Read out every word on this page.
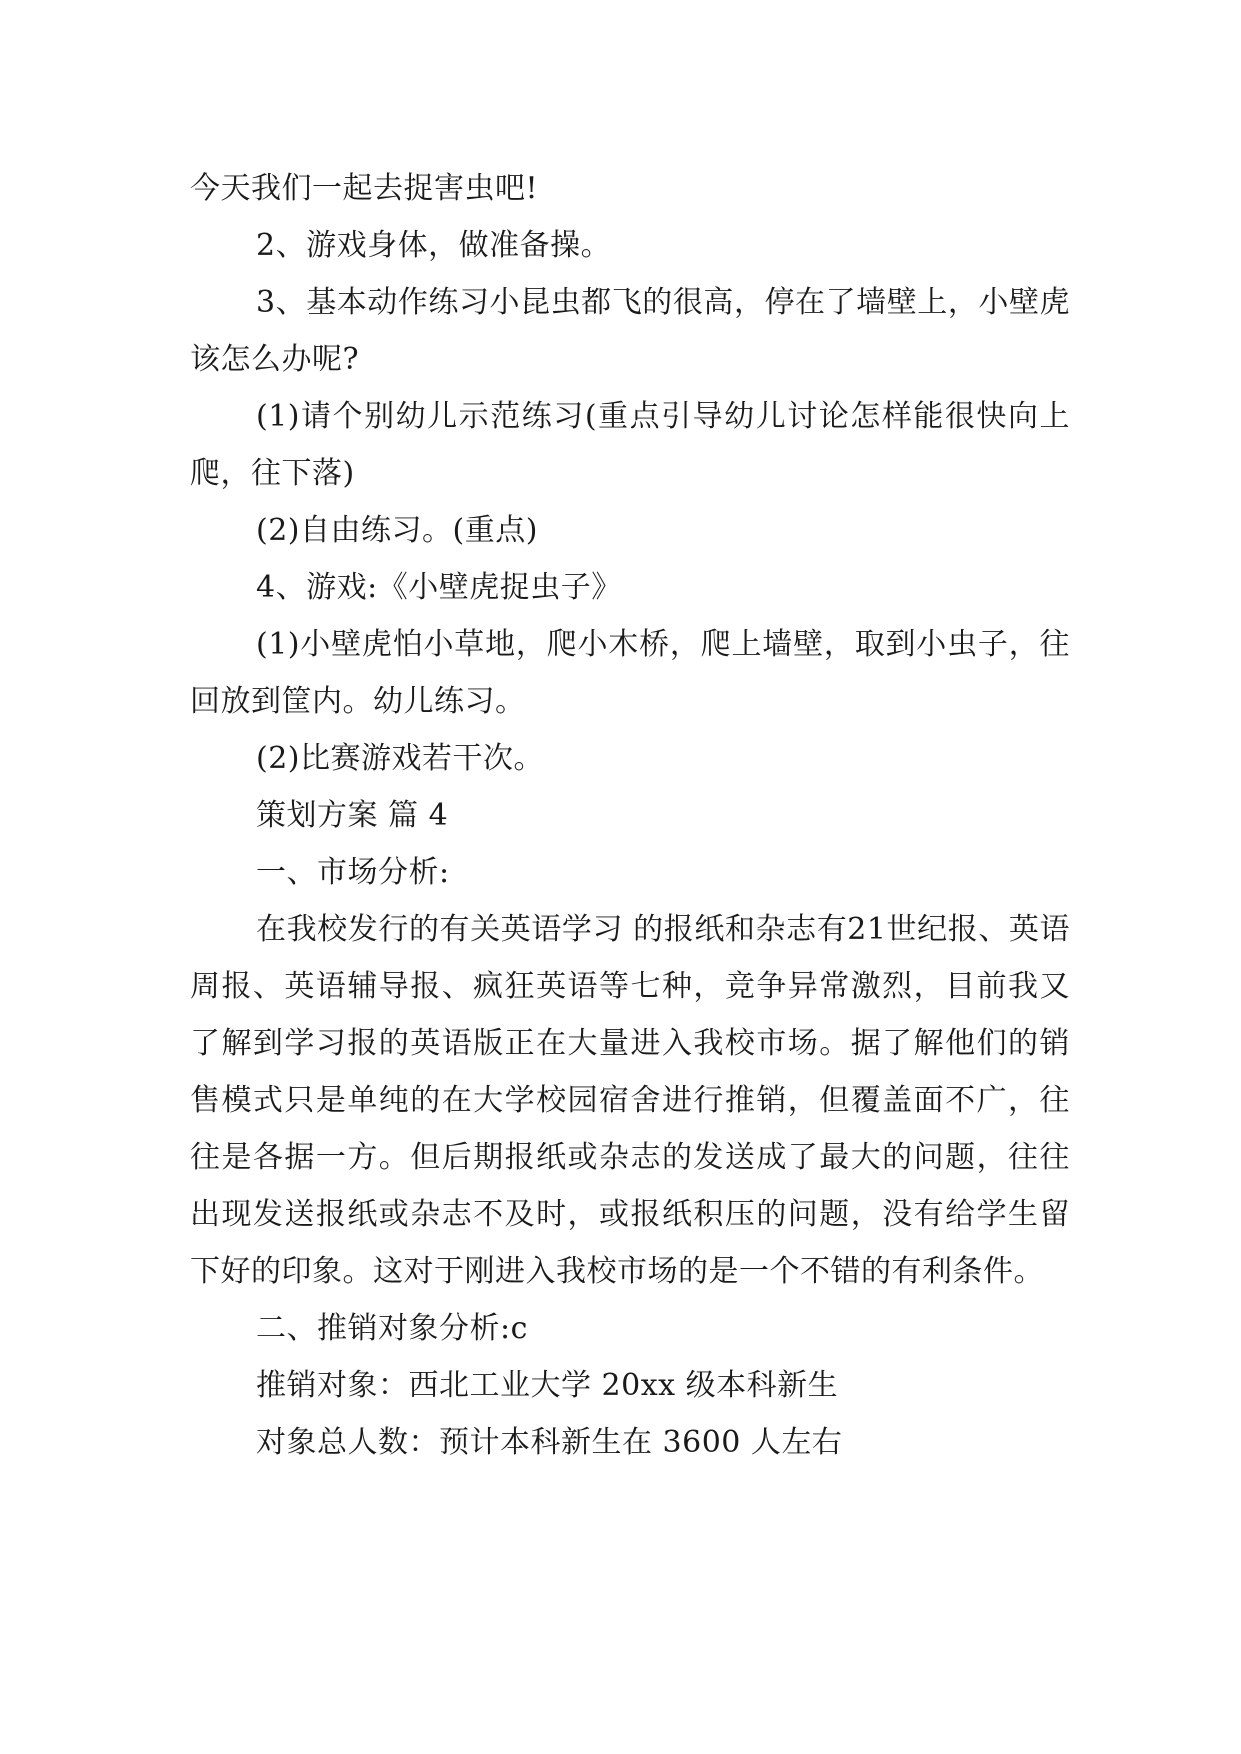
今天我们一起去捉害虫吧!

2、游戏身体，做准备操。

3、基本动作练习小昆虫都飞的很高，停在了墙壁上，小壁虎该怎么办呢?

(1)请个别幼儿示范练习(重点引导幼儿讨论怎样能很快向上爬，往下落)

(2)自由练习。(重点)

4、游戏:《小壁虎捉虫子》

(1)小壁虎怕小草地，爬小木桥，爬上墙壁，取到小虫子，往回放到筐内。幼儿练习。

(2)比赛游戏若干次。

策划方案 篇 4

一、市场分析:

在我校发行的有关英语学习 的报纸和杂志有21世纪报、英语周报、英语辅导报、疯狂英语等七种，竞争异常激烈，目前我又了解到学习报的英语版正在大量进入我校市场。据了解他们的销售模式只是单纯的在大学校园宿舍进行推销，但覆盖面不广，往往是各据一方。但后期报纸或杂志的发送成了最大的问题，往往出现发送报纸或杂志不及时，或报纸积压的问题，没有给学生留下好的印象。这对于刚进入我校市场的是一个不错的有利条件。

二、推销对象分析:c

推销对象：西北工业大学 20xx 级本科新生

对象总人数：预计本科新生在 3600 人左右
